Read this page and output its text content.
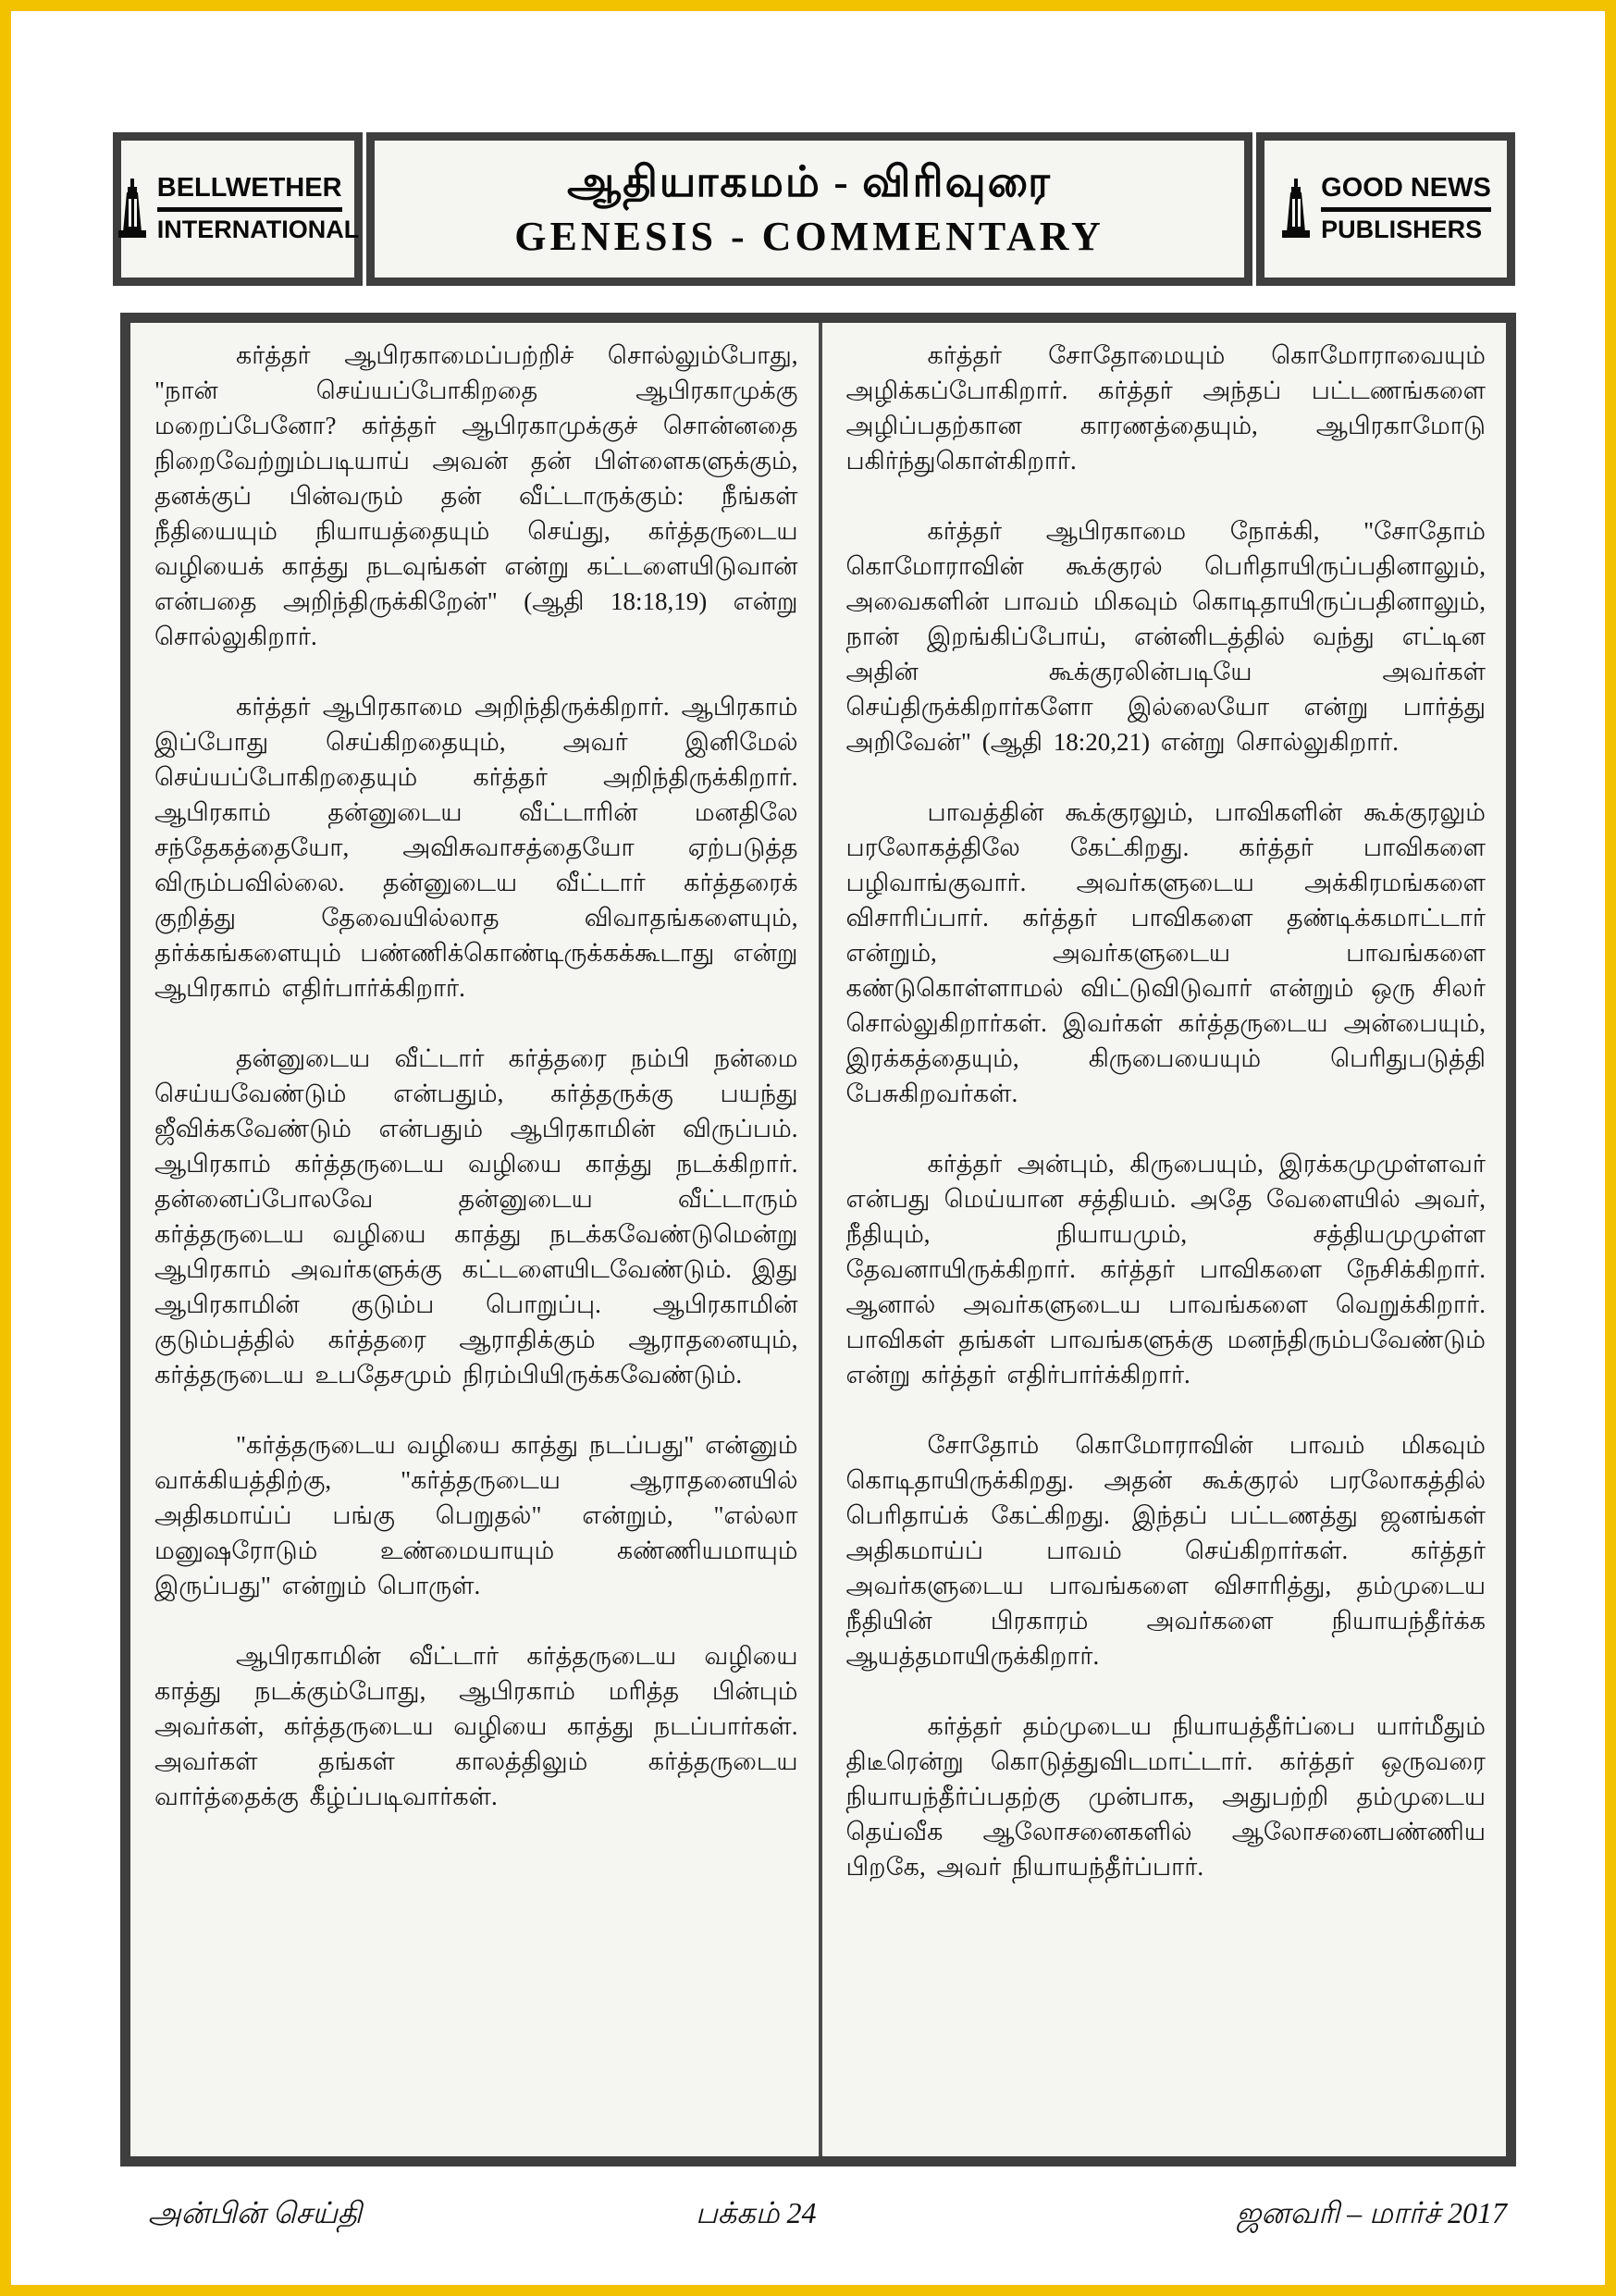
BELLWETHER
INTERNATIONAL
ஆதியாகமம் - விரிவுரை
GENESIS - COMMENTARY
GOOD NEWS
PUBLISHERS

கர்த்தர் ஆபிரகாமைப்பற்றிச் சொல்லும்போது, "நான் செய்யப்போகிறதை ஆபிரகாமுக்கு மறைப்பேனோ? கர்த்தர் ஆபிரகாமுக்குச் சொன்னதை நிறைவேற்றும்படியாய் அவன் தன் பிள்ளைகளுக்கும், தனக்குப் பின்வரும் தன் வீட்டாருக்கும்: நீங்கள் நீதியையும் நியாயத்தையும் செய்து, கர்த்தருடைய வழியைக் காத்து நடவுங்கள் என்று கட்டளையிடுவான் என்பதை அறிந்திருக்கிறேன்" (ஆதி 18:18,19) என்று சொல்லுகிறார்.

கர்த்தர் ஆபிரகாமை அறிந்திருக்கிறார். ஆபிரகாம் இப்போது செய்கிறதையும், அவர் இனிமேல் செய்யப்போகிறதையும் கர்த்தர் அறிந்திருக்கிறார். ஆபிரகாம் தன்னுடைய வீட்டாரின் மனதிலே சந்தேகத்தையோ, அவிசுவாசத்தையோ ஏற்படுத்த விரும்பவில்லை. தன்னுடைய வீட்டார் கர்த்தரைக் குறித்து தேவையில்லாத விவாதங்களையும், தர்க்கங்களையும் பண்ணிக்கொண்டிருக்கக்கூடாது என்று ஆபிரகாம் எதிர்பார்க்கிறார்.

தன்னுடைய வீட்டார் கர்த்தரை நம்பி நன்மை செய்யவேண்டும் என்பதும், கர்த்தருக்கு பயந்து ஜீவிக்கவேண்டும் என்பதும் ஆபிரகாமின் விருப்பம். ஆபிரகாம் கர்த்தருடைய வழியை காத்து நடக்கிறார். தன்னைப்போலவே தன்னுடைய வீட்டாரும் கர்த்தருடைய வழியை காத்து நடக்கவேண்டுமென்று ஆபிரகாம் அவர்களுக்கு கட்டளையிடவேண்டும். இது ஆபிரகாமின் குடும்ப பொறுப்பு. ஆபிரகாமின் குடும்பத்தில் கர்த்தரை ஆராதிக்கும் ஆராதனையும், கர்த்தருடைய உபதேசமும் நிரம்பியிருக்கவேண்டும்.

"கர்த்தருடைய வழியை காத்து நடப்பது" என்னும் வாக்கியத்திற்கு, "கர்த்தருடைய ஆராதனையில் அதிகமாய்ப் பங்கு பெறுதல்" என்றும், "எல்லா மனுஷரோடும் உண்மையாயும் கண்ணியமாயும் இருப்பது" என்றும் பொருள்.

ஆபிரகாமின் வீட்டார் கர்த்தருடைய வழியை காத்து நடக்கும்போது, ஆபிரகாம் மரித்த பின்பும் அவர்கள், கர்த்தருடைய வழியை காத்து நடப்பார்கள். அவர்கள் தங்கள் காலத்திலும் கர்த்தருடைய வார்த்தைக்கு கீழ்ப்படிவார்கள்.

கர்த்தர் சோதோமையும் கொமோராவையும் அழிக்கப்போகிறார். கர்த்தர் அந்தப் பட்டணங்களை அழிப்பதற்கான காரணத்தையும், ஆபிரகாமோடு பகிர்ந்துகொள்கிறார்.

கர்த்தர் ஆபிரகாமை நோக்கி, "சோதோம் கொமோராவின் கூக்குரல் பெரிதாயிருப்பதினாலும், அவைகளின் பாவம் மிகவும் கொடிதாயிருப்பதினாலும், நான் இறங்கிப்போய், என்னிடத்தில் வந்து எட்டின அதின் கூக்குரலின்படியே அவர்கள் செய்திருக்கிறார்களோ இல்லையோ என்று பார்த்து அறிவேன்" (ஆதி 18:20,21) என்று சொல்லுகிறார்.

பாவத்தின் கூக்குரலும், பாவிகளின் கூக்குரலும் பரலோகத்திலே கேட்கிறது. கர்த்தர் பாவிகளை பழிவாங்குவார். அவர்களுடைய அக்கிரமங்களை விசாரிப்பார். கர்த்தர் பாவிகளை தண்டிக்கமாட்டார் என்றும், அவர்களுடைய பாவங்களை கண்டுகொள்ளாமல் விட்டுவிடுவார் என்றும் ஒரு சிலர் சொல்லுகிறார்கள். இவர்கள் கர்த்தருடைய அன்பையும், இரக்கத்தையும், கிருபையையும் பெரிதுபடுத்தி பேசுகிறவர்கள்.

கர்த்தர் அன்பும், கிருபையும், இரக்கமுமுள்ளவர் என்பது மெய்யான சத்தியம். அதே வேளையில் அவர், நீதியும், நியாயமும், சத்தியமுமுள்ள தேவனாயிருக்கிறார். கர்த்தர் பாவிகளை நேசிக்கிறார். ஆனால் அவர்களுடைய பாவங்களை வெறுக்கிறார். பாவிகள் தங்கள் பாவங்களுக்கு மனந்திரும்பவேண்டும் என்று கர்த்தர் எதிர்பார்க்கிறார்.

சோதோம் கொமோராவின் பாவம் மிகவும் கொடிதாயிருக்கிறது. அதன் கூக்குரல் பரலோகத்தில் பெரிதாய்க் கேட்கிறது. இந்தப் பட்டணத்து ஜனங்கள் அதிகமாய்ப் பாவம் செய்கிறார்கள். கர்த்தர் அவர்களுடைய பாவங்களை விசாரித்து, தம்முடைய நீதியின் பிரகாரம் அவர்களை நியாயந்தீர்க்க ஆயத்தமாயிருக்கிறார்.

கர்த்தர் தம்முடைய நியாயத்தீர்ப்பை யார்மீதும் திடீரென்று கொடுத்துவிடமாட்டார். கர்த்தர் ஒருவரை நியாயந்தீர்ப்பதற்கு முன்பாக, அதுபற்றி தம்முடைய தெய்வீக ஆலோசனைகளில் ஆலோசனைபண்ணிய பிறகே, அவர் நியாயந்தீர்ப்பார்.

அன்பின் செய்தி	பக்கம் 24	ஜனவரி – மார்ச் 2017
